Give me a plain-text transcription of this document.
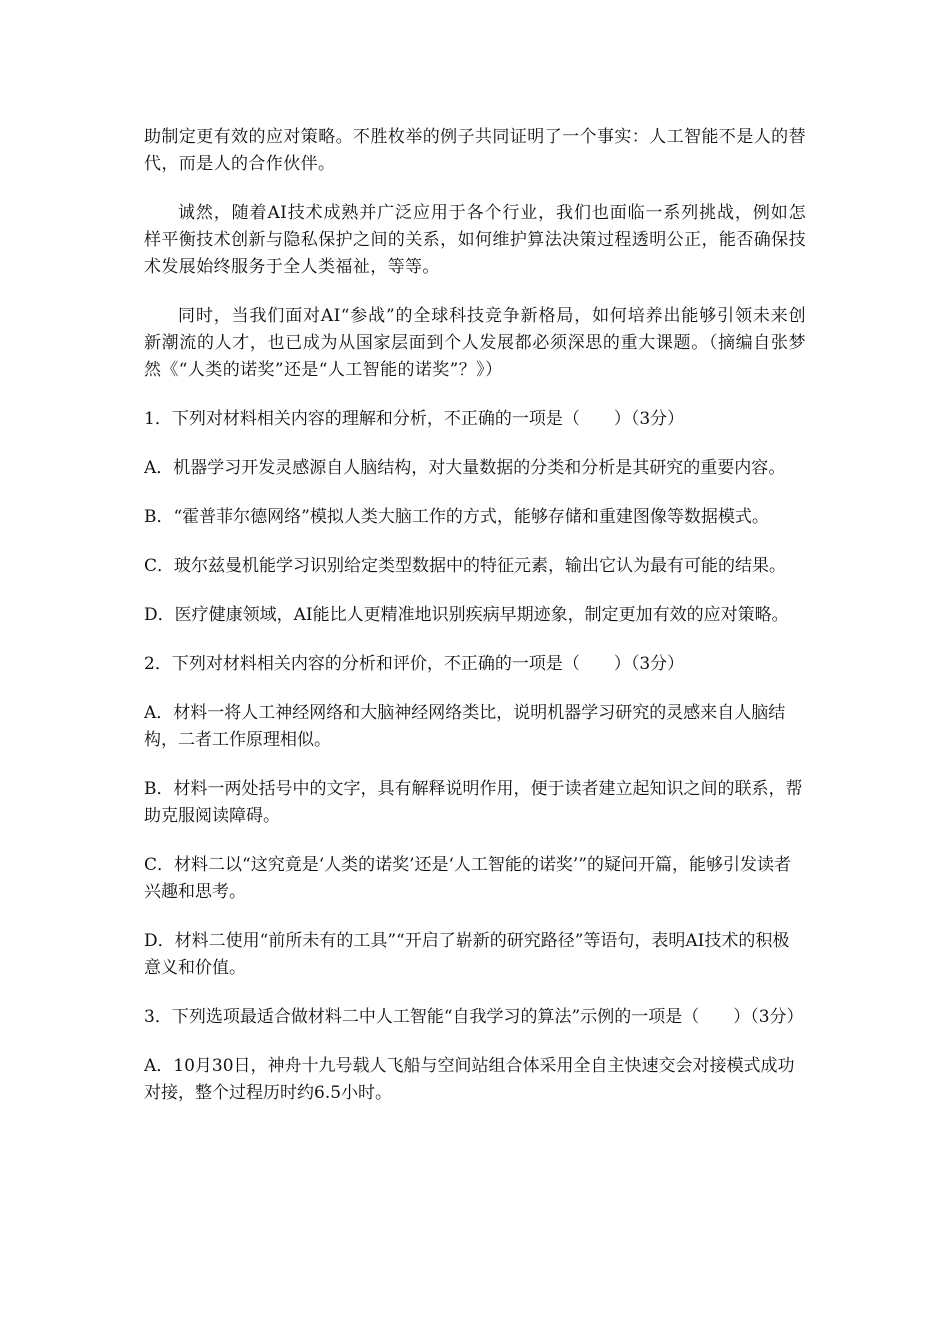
助制定更有效的应对策略。不胜枚举的例子共同证明了一个事实：人工智能不是人的替代，而是人的合作伙伴。

诚然，随着AI技术成熟并广泛应用于各个行业，我们也面临一系列挑战，例如怎样平衡技术创新与隐私保护之间的关系，如何维护算法决策过程透明公正，能否确保技术发展始终服务于全人类福祉，等等。

同时，当我们面对AI“参战”的全球科技竞争新格局，如何培养出能够引领未来创新潮流的人才，也已成为从国家层面到个人发展都必须深思的重大课题。（摘编自张梦然《“人类的诺奖”还是“人工智能的诺奖”？》）

1．下列对材料相关内容的理解和分析，不正确的一项是（　　）（3分）

A．机器学习开发灵感源自人脑结构，对大量数据的分类和分析是其研究的重要内容。

B．“霍普菲尔德网络”模拟人类大脑工作的方式，能够存储和重建图像等数据模式。

C．玻尔兹曼机能学习识别给定类型数据中的特征元素，输出它认为最有可能的结果。

D．医疗健康领域，AI能比人更精准地识别疾病早期迹象，制定更加有效的应对策略。

2．下列对材料相关内容的分析和评价，不正确的一项是（　　）（3分）

A．材料一将人工神经网络和大脑神经网络类比，说明机器学习研究的灵感来自人脑结构，二者工作原理相似。

B．材料一两处括号中的文字，具有解释说明作用，便于读者建立起知识之间的联系，帮助克服阅读障碍。

C．材料二以“这究竟是‘人类的诺奖’还是‘人工智能的诺奖’”的疑问开篇，能够引发读者兴趣和思考。

D．材料二使用“前所未有的工具”“开启了崭新的研究路径”等语句，表明AI技术的积极意义和价值。

3．下列选项最适合做材料二中人工智能“自我学习的算法”示例的一项是（　　）（3分）

A．10月30日，神舟十九号载人飞船与空间站组合体采用全自主快速交会对接模式成功对接，整个过程历时约6.5小时。
